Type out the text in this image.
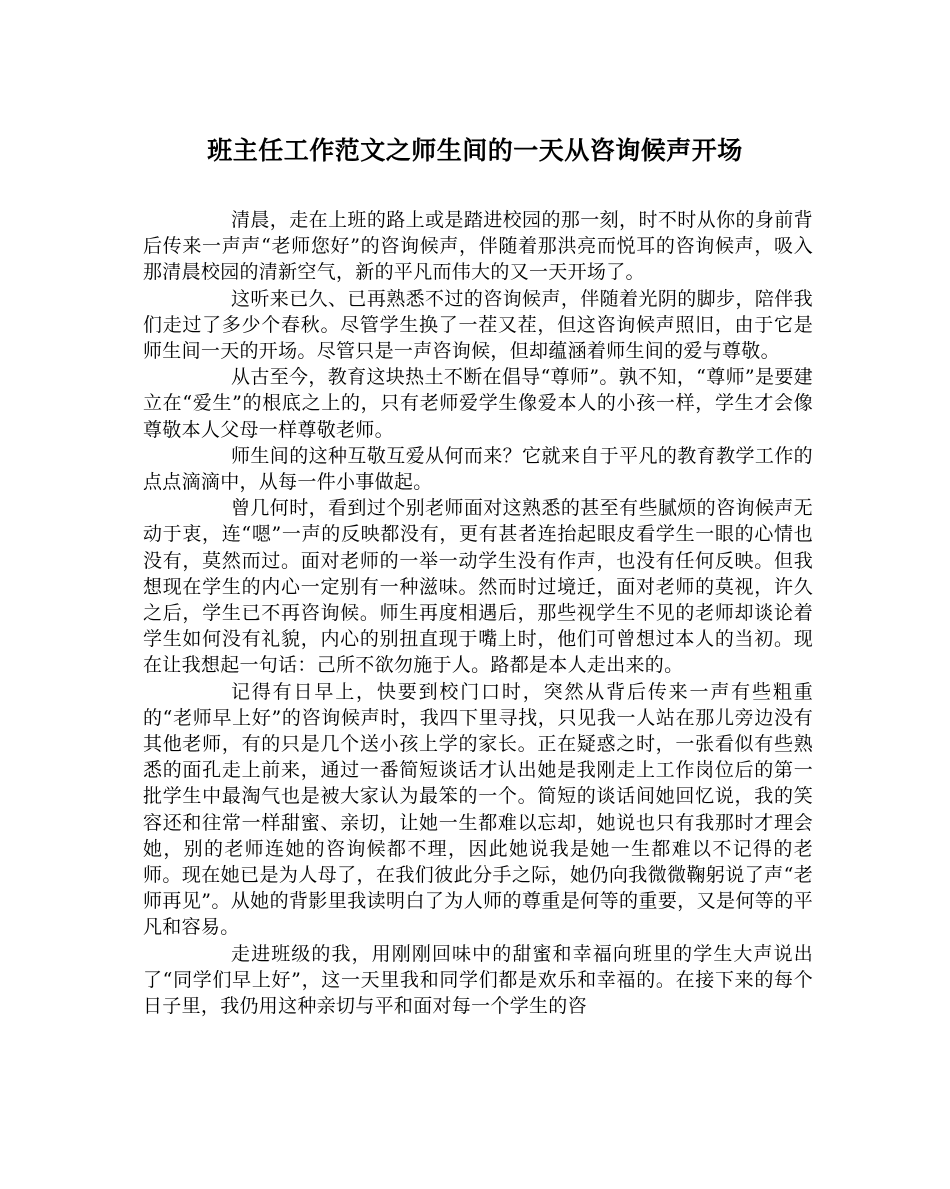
班主任工作范文之师生间的一天从咨询候声开场

清晨，走在上班的路上或是踏进校园的那一刻，时不时从你的身前背后传来一声声“老师您好”的咨询候声，伴随着那洪亮而悦耳的咨询候声，吸入那清晨校园的清新空气，新的平凡而伟大的又一天开场了。

这听来已久、已再熟悉不过的咨询候声，伴随着光阴的脚步，陪伴我们走过了多少个春秋。尽管学生换了一茬又茬，但这咨询候声照旧，由于它是师生间一天的开场。尽管只是一声咨询候，但却蕴涵着师生间的爱与尊敬。

从古至今，教育这块热土不断在倡导“尊师”。孰不知，“尊师”是要建立在“爱生”的根底之上的，只有老师爱学生像爱本人的小孩一样，学生才会像尊敬本人父母一样尊敬老师。

师生间的这种互敬互爱从何而来？它就来自于平凡的教育教学工作的点点滴滴中，从每一件小事做起。

曾几何时，看到过个别老师面对这熟悉的甚至有些腻烦的咨询候声无动于衷，连“嗯”一声的反映都没有，更有甚者连抬起眼皮看学生一眼的心情也没有，莫然而过。面对老师的一举一动学生没有作声，也没有任何反映。但我想现在学生的内心一定别有一种滋味。然而时过境迁，面对老师的莫视，许久之后，学生已不再咨询候。师生再度相遇后，那些视学生不见的老师却谈论着学生如何没有礼貌，内心的别扭直现于嘴上时，他们可曾想过本人的当初。现在让我想起一句话：己所不欲勿施于人。路都是本人走出来的。

记得有日早上，快要到校门口时，突然从背后传来一声有些粗重的“老师早上好”的咨询候声时，我四下里寻找，只见我一人站在那儿旁边没有其他老师，有的只是几个送小孩上学的家长。正在疑惑之时，一张看似有些熟悉的面孔走上前来，通过一番简短谈话才认出她是我刚走上工作岗位后的第一批学生中最淘气也是被大家认为最笨的一个。简短的谈话间她回忆说，我的笑容还和往常一样甜蜜、亲切，让她一生都难以忘却，她说也只有我那时才理会她，别的老师连她的咨询候都不理，因此她说我是她一生都难以不记得的老师。现在她已是为人母了，在我们彼此分手之际，她仍向我微微鞠躬说了声“老师再见”。从她的背影里我读明白了为人师的尊重是何等的重要，又是何等的平凡和容易。

走进班级的我，用刚刚回味中的甜蜜和幸福向班里的学生大声说出了“同学们早上好”，这一天里我和同学们都是欢乐和幸福的。在接下来的每个日子里，我仍用这种亲切与平和面对每一个学生的咨
